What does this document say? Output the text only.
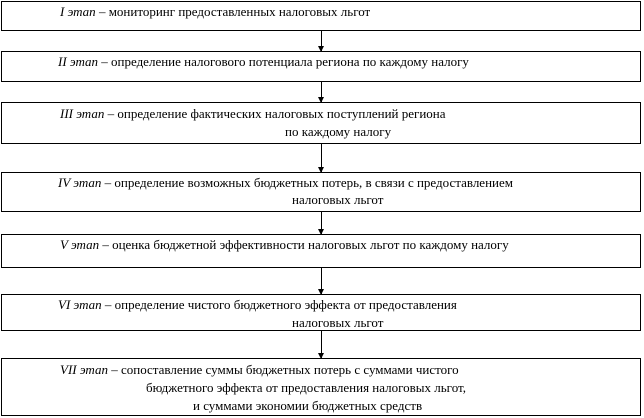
I этап – мониторинг предоставленных налоговых льгот
II этап – определение налогового потенциала региона по каждому налогу
III этап – определение фактических налоговых поступлений региона
по каждому налогу
IV этап – определение возможных бюджетных потерь, в связи с предоставлением
налоговых льгот
V этап – оценка бюджетной эффективности налоговых льгот по каждому налогу
VI этап – определение чистого бюджетного эффекта от предоставления
налоговых льгот
VII этап – сопоставление суммы бюджетных потерь с суммами чистого
бюджетного эффекта от предоставления налоговых льгот,
и суммами экономии бюджетных средств
